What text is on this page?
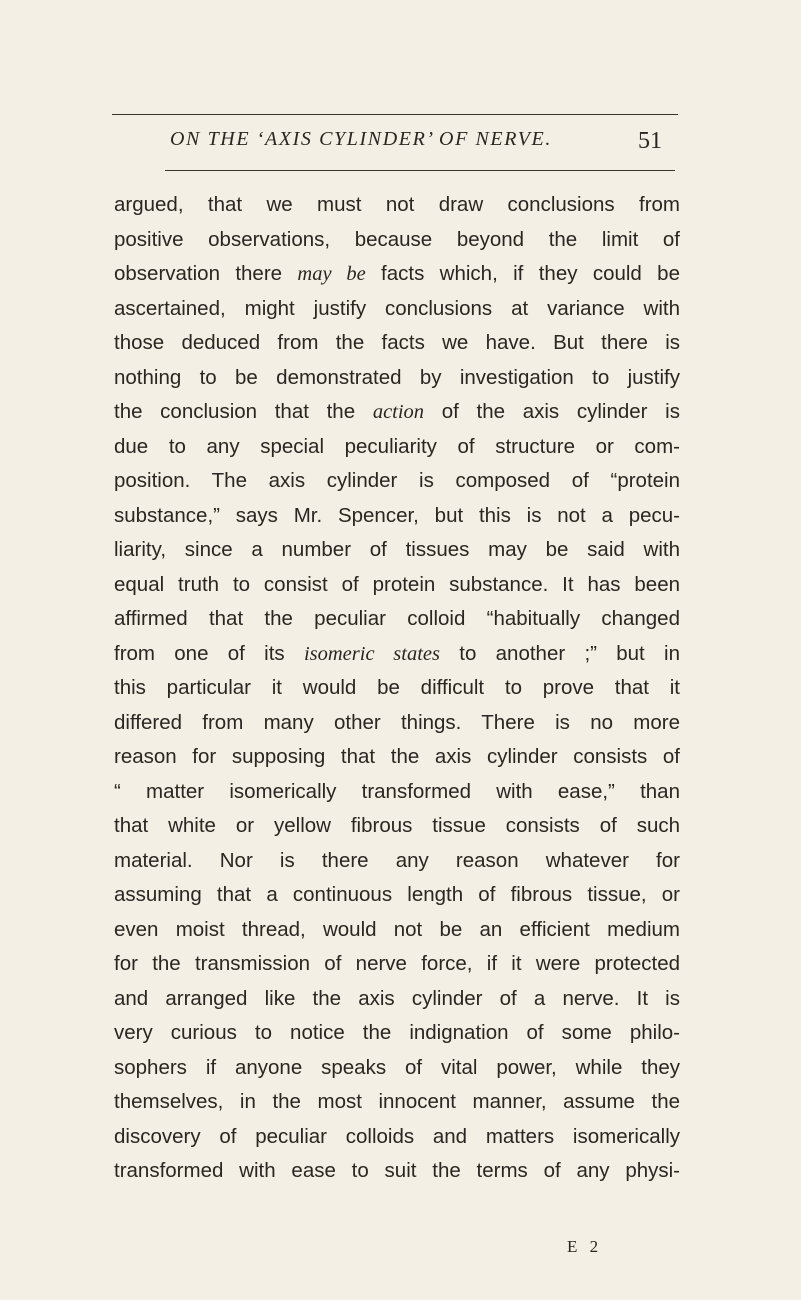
ON THE ‘AXIS CYLINDER’ OF NERVE.	51
argued, that we must not draw conclusions from
positive observations, because beyond the limit of
observation there may be facts which, if they could be
ascertained, might justify conclusions at variance with
those deduced from the facts we have. But there is
nothing to be demonstrated by investigation to justify
the conclusion that the action of the axis cylinder is
due to any special peculiarity of structure or com-
position. The axis cylinder is composed of “protein
substance,” says Mr. Spencer, but this is not a pecu-
liarity, since a number of tissues may be said with
equal truth to consist of protein substance. It has been
affirmed that the peculiar colloid “habitually changed
from one of its isomeric states to another ;” but in
this particular it would be difficult to prove that it
differed from many other things. There is no more
reason for supposing that the axis cylinder consists of
“ matter isomerically transformed with ease,” than
that white or yellow fibrous tissue consists of such
material. Nor is there any reason whatever for
assuming that a continuous length of fibrous tissue, or
even moist thread, would not be an efficient medium
for the transmission of nerve force, if it were protected
and arranged like the axis cylinder of a nerve. It is
very curious to notice the indignation of some philo-
sophers if anyone speaks of vital power, while they
themselves, in the most innocent manner, assume the
discovery of peculiar colloids and matters isomerically
transformed with ease to suit the terms of any physi-
E 2
